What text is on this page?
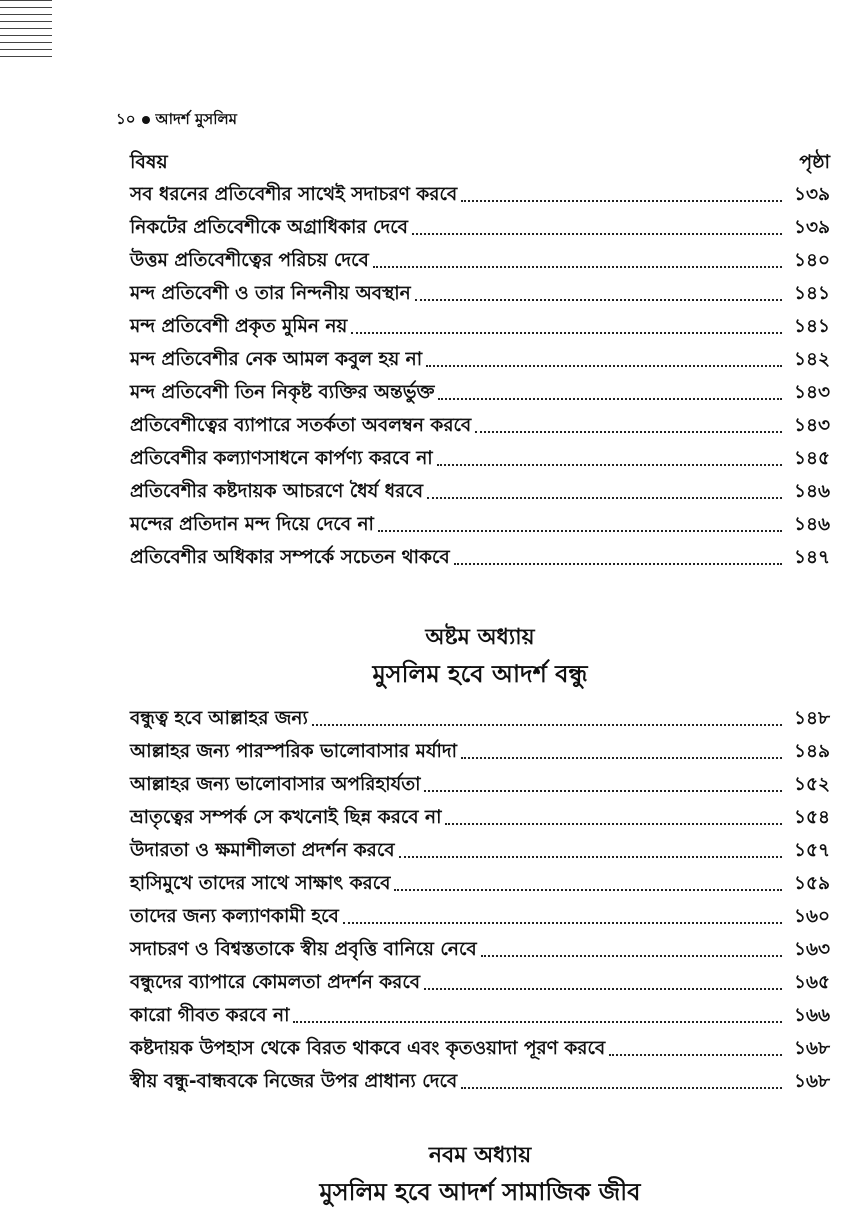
১০ আদর্শ মুসলিম
বিষয়	পৃষ্ঠা
সব ধরনের প্রতিবেশীর সাথেই সদাচরণ করবে	১৩৯
নিকটের প্রতিবেশীকে অগ্রাধিকার দেবে	১৩৯
উত্তম প্রতিবেশীত্বের পরিচয় দেবে	১৪০
মন্দ প্রতিবেশী ও তার নিন্দনীয় অবস্থান	১৪১
মন্দ প্রতিবেশী প্রকৃত মুমিন নয়	১৪১
মন্দ প্রতিবেশীর নেক আমল কবুল হয় না	১৪২
মন্দ প্রতিবেশী তিন নিকৃষ্ট ব্যক্তির অন্তর্ভুক্ত	১৪৩
প্রতিবেশীত্বের ব্যাপারে সতর্কতা অবলম্বন করবে	১৪৩
প্রতিবেশীর কল্যাণসাধনে কার্পণ্য করবে না	১৪৫
প্রতিবেশীর কষ্টদায়ক আচরণে ধৈর্য ধরবে	১৪৬
মন্দের প্রতিদান মন্দ দিয়ে দেবে না	১৪৬
প্রতিবেশীর অধিকার সম্পর্কে সচেতন থাকবে	১৪৭
অষ্টম অধ্যায়
মুসলিম হবে আদর্শ বন্ধু
বন্ধুত্ব হবে আল্লাহর জন্য	১৪৮
আল্লাহর জন্য পারস্পরিক ভালোবাসার মর্যাদা	১৪৯
আল্লাহর জন্য ভালোবাসার অপরিহার্যতা	১৫২
ভ্রাতৃত্বের সম্পর্ক সে কখনোই ছিন্ন করবে না	১৫৪
উদারতা ও ক্ষমাশীলতা প্রদর্শন করবে	১৫৭
হাসিমুখে তাদের সাথে সাক্ষাৎ করবে	১৫৯
তাদের জন্য কল্যাণকামী হবে	১৬০
সদাচরণ ও বিশ্বস্ততাকে স্বীয় প্রবৃত্তি বানিয়ে নেবে	১৬৩
বন্ধুদের ব্যাপারে কোমলতা প্রদর্শন করবে	১৬৫
কারো গীবত করবে না	১৬৬
কষ্টদায়ক উপহাস থেকে বিরত থাকবে এবং কৃতওয়াদা পূরণ করবে	১৬৮
স্বীয় বন্ধু-বান্ধবকে নিজের উপর প্রাধান্য দেবে	১৬৮
নবম অধ্যায়
মুসলিম হবে আদর্শ সামাজিক জীব
